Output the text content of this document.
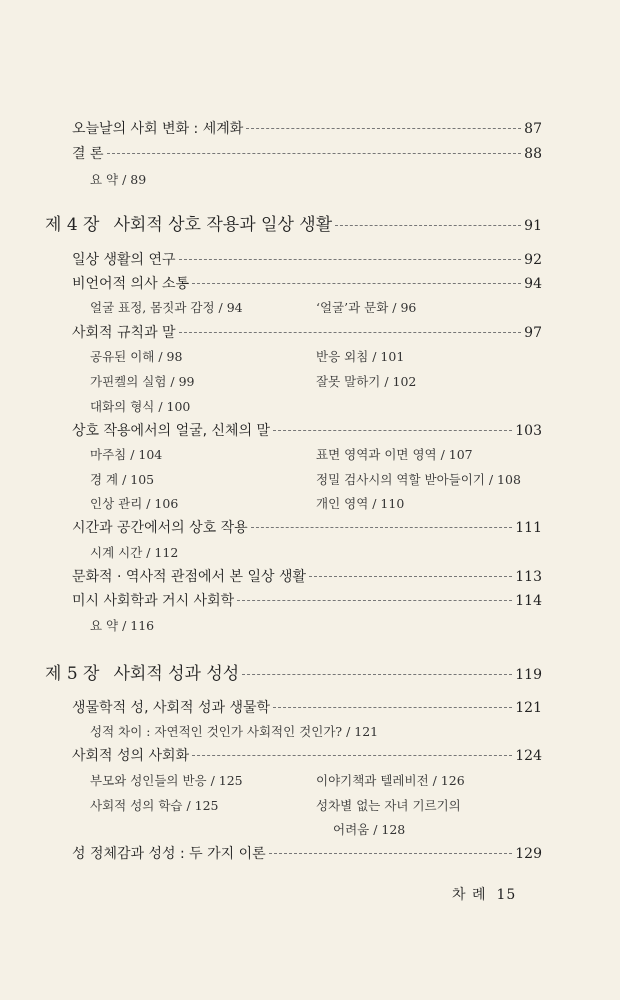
오늘날의 사회 변화 : 세계화	87
결 론	88
요 약 / 89
제 4 장 사회적 상호 작용과 일상 생활	91
일상 생활의 연구	92
비언어적 의사 소통	94
얼굴 표정, 몸짓과 감정 / 94	‘얼굴’과 문화 / 96
사회적 규칙과 말	97
공유된 이해 / 98	반응 외침 / 101
가핀켈의 실험 / 99	잘못 말하기 / 102
대화의 형식 / 100
상호 작용에서의 얼굴, 신체의 말	103
마주침 / 104	표면 영역과 이면 영역 / 107
경 계 / 105	정밀 검사시의 역할 받아들이기 / 108
인상 관리 / 106	개인 영역 / 110
시간과 공간에서의 상호 작용	111
시계 시간 / 112
문화적 · 역사적 관점에서 본 일상 생활	113
미시 사회학과 거시 사회학	114
요 약 / 116
제 5 장 사회적 성과 성성	119
생물학적 성, 사회적 성과 생물학	121
성적 차이 : 자연적인 것인가 사회적인 것인가? / 121
사회적 성의 사회화	124
부모와 성인들의 반응 / 125	이야기책과 텔레비전 / 126
사회적 성의 학습 / 125	성차별 없는 자녀 기르기의
어려움 / 128
성 정체감과 성성 : 두 가지 이론	129
차 례 15
